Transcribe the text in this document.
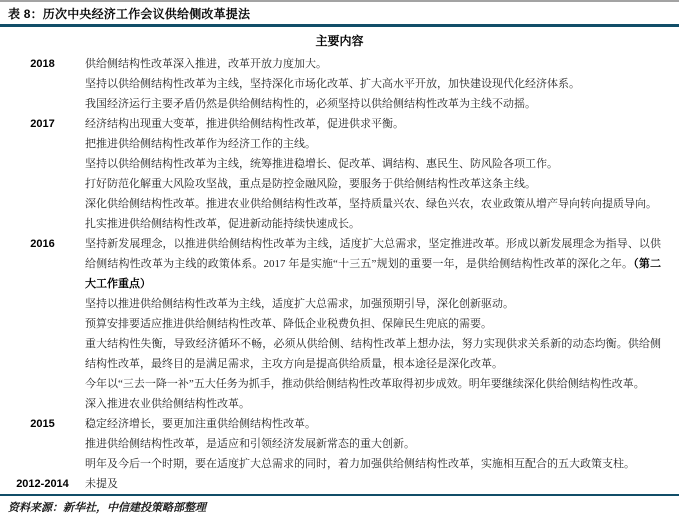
表 8：历次中央经济工作会议供给侧改革提法
主要内容
2018	供给侧结构性改革深入推进，改革开放力度加大。

坚持以供给侧结构性改革为主线，坚持深化市场化改革、扩大高水平开放，加快建设现代化经济体系。

我国经济运行主要矛盾仍然是供给侧结构性的，必须坚持以供给侧结构性改革为主线不动摇。

2017	经济结构出现重大变革，推进供给侧结构性改革，促进供求平衡。

把推进供给侧结构性改革作为经济工作的主线。

坚持以供给侧结构性改革为主线，统筹推进稳增长、促改革、调结构、惠民生、防风险各项工作。

打好防范化解重大风险攻坚战，重点是防控金融风险，要服务于供给侧结构性改革这条主线。

深化供给侧结构性改革。推进农业供给侧结构性改革，坚持质量兴农、绿色兴农，农业政策从增产导向转向提质导向。

扎实推进供给侧结构性改革，促进新动能持续快速成长。

2016	坚持新发展理念，以推进供给侧结构性改革为主线，适度扩大总需求，坚定推进改革。形成以新发展理念为指导、以供给侧结构性改革为主线的政策体系。2017 年是实施“十三五”规划的重要一年，是供给侧结构性改革的深化之年。（第二大工作重点）

坚持以推进供给侧结构性改革为主线，适度扩大总需求，加强预期引导，深化创新驱动。

预算安排要适应推进供给侧结构性改革、降低企业税费负担、保障民生兜底的需要。

重大结构性失衡，导致经济循环不畅，必须从供给侧、结构性改革上想办法，努力实现供求关系新的动态均衡。供给侧结构性改革，最终目的是满足需求，主攻方向是提高供给质量，根本途径是深化改革。

今年以“三去一降一补”五大任务为抓手，推动供给侧结构性改革取得初步成效。明年要继续深化供给侧结构性改革。

深入推进农业供给侧结构性改革。

2015	稳定经济增长，要更加注重供给侧结构性改革。

推进供给侧结构性改革，是适应和引领经济发展新常态的重大创新。

明年及今后一个时期，要在适度扩大总需求的同时，着力加强供给侧结构性改革，实施相互配合的五大政策支柱。

2012-2014	未提及

资料来源：新华社，中信建投策略部整理
